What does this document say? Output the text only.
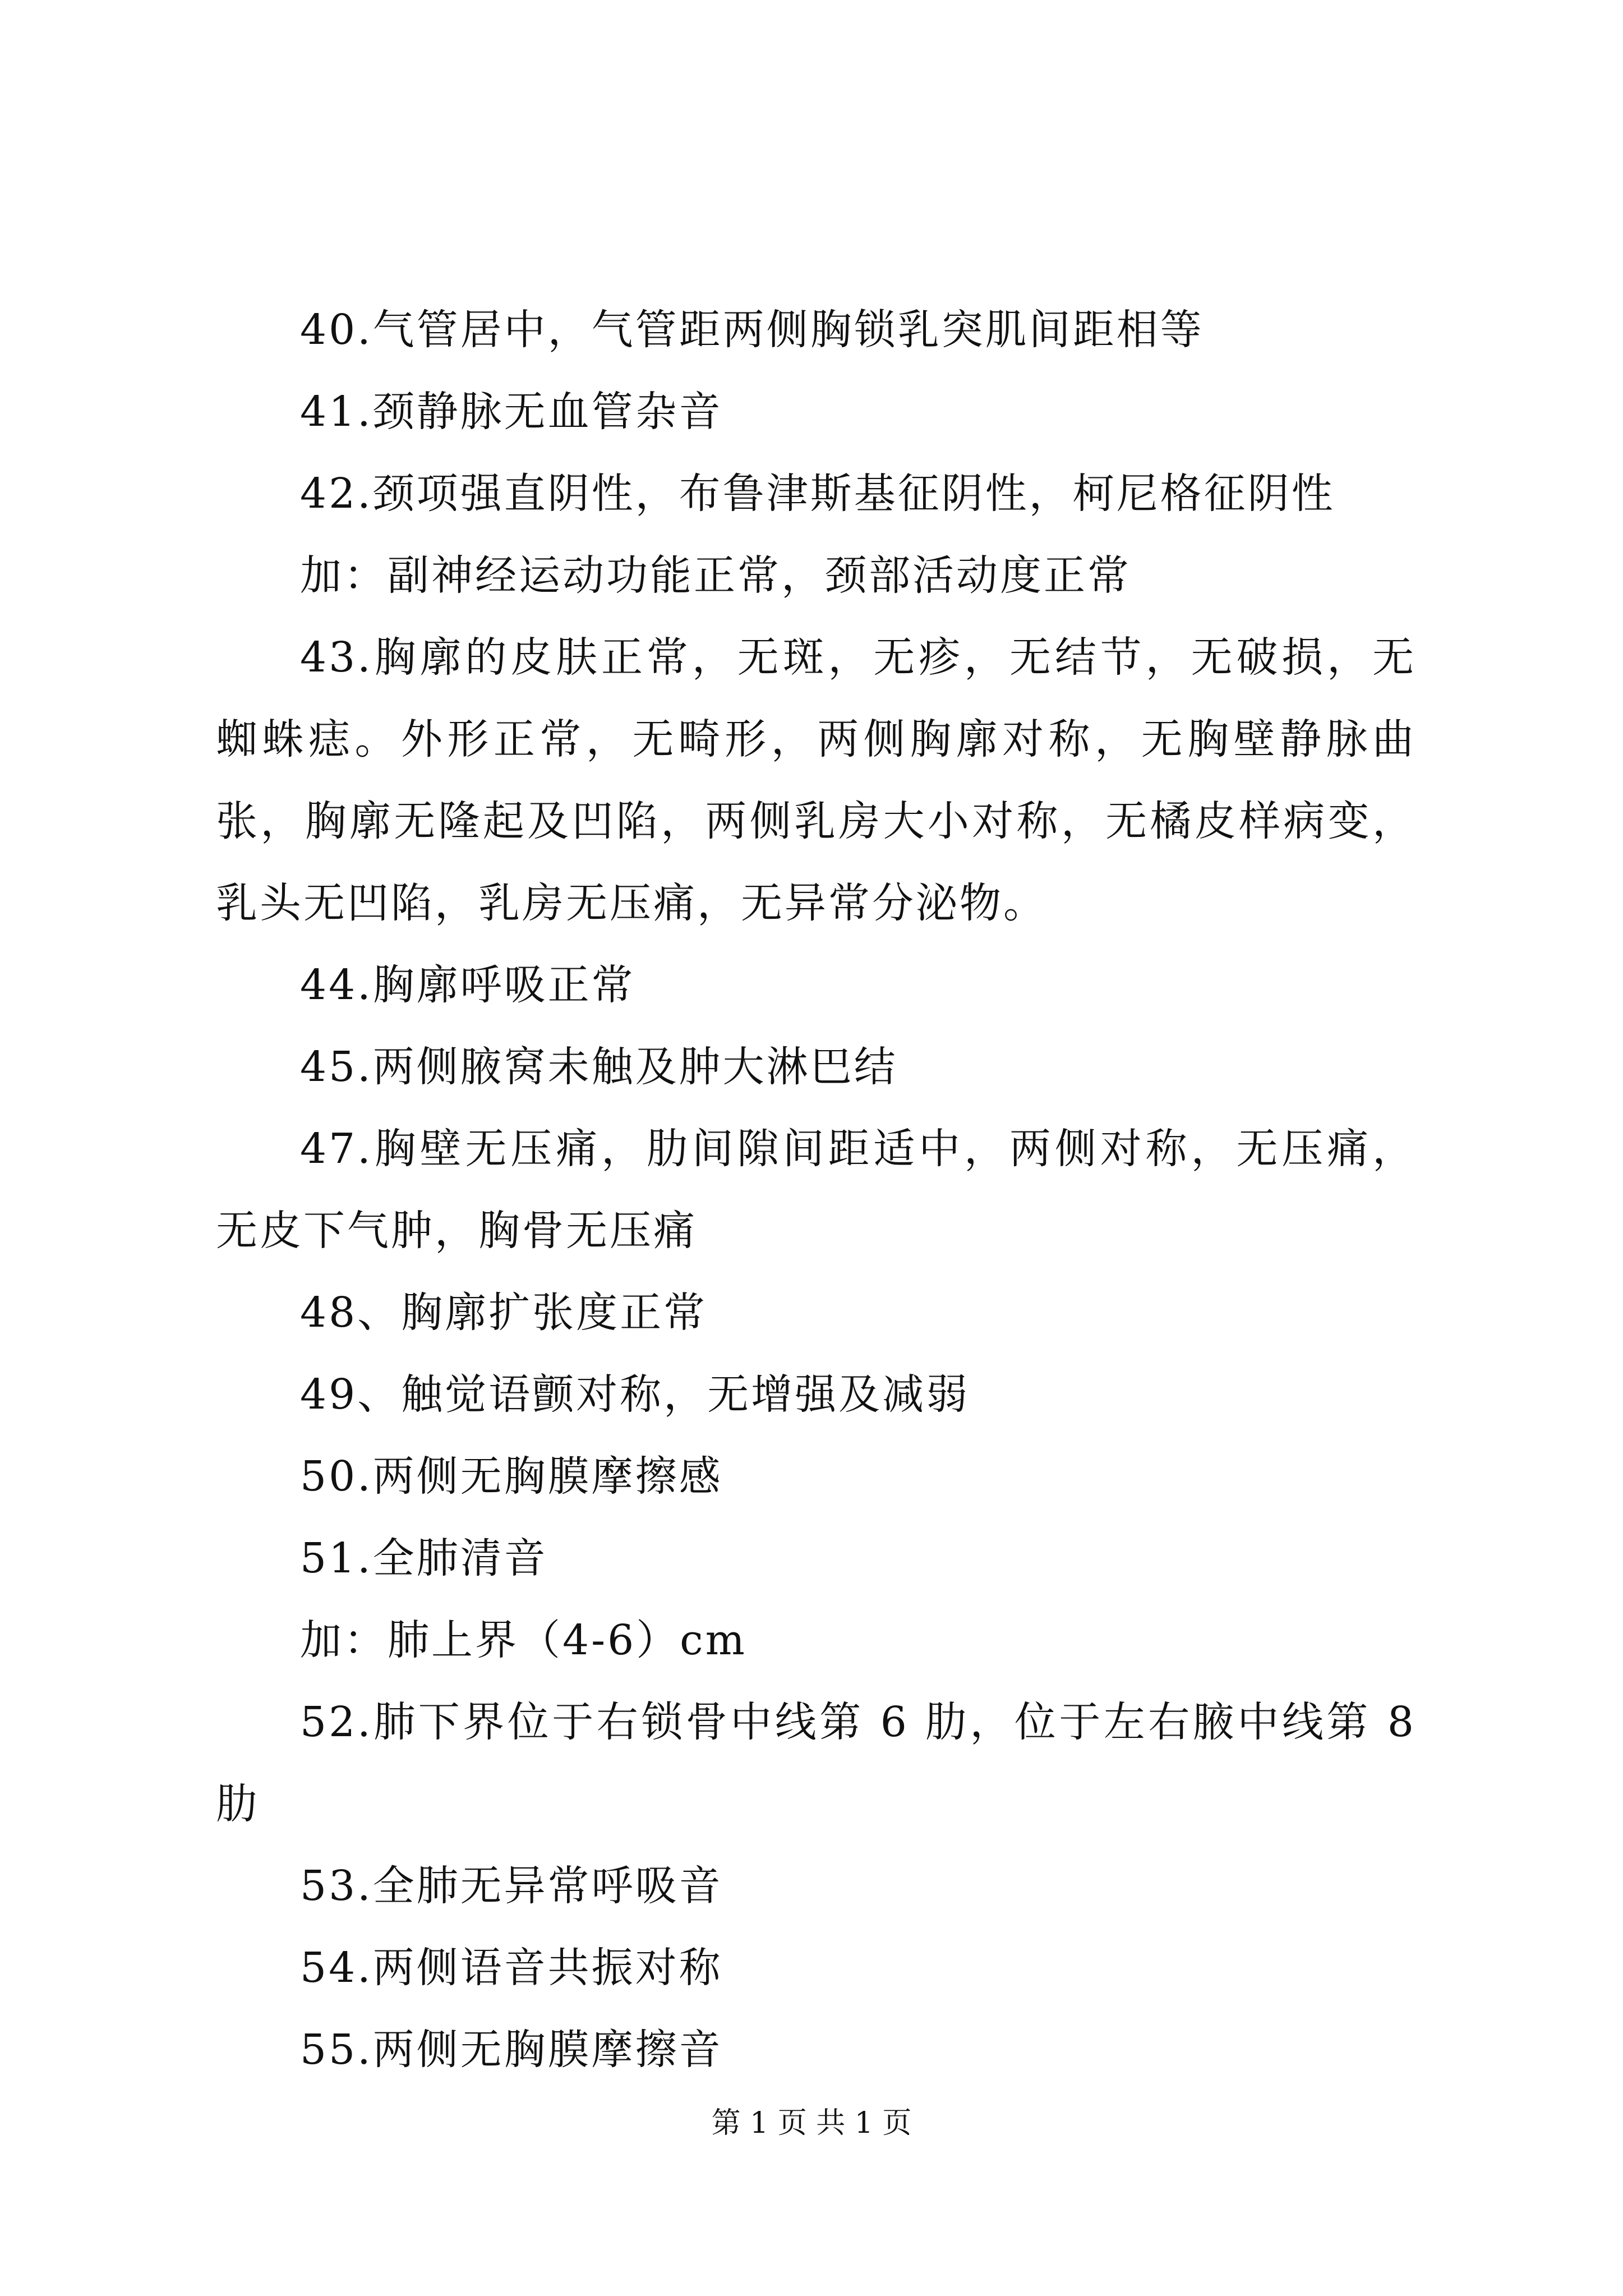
40.气管居中，气管距两侧胸锁乳突肌间距相等

41.颈静脉无血管杂音

42.颈项强直阴性，布鲁津斯基征阴性，柯尼格征阴性

加：副神经运动功能正常，颈部活动度正常

43.胸廓的皮肤正常，无斑，无疹，无结节，无破损，无蜘蛛痣。外形正常，无畸形，两侧胸廓对称，无胸壁静脉曲张，胸廓无隆起及凹陷，两侧乳房大小对称，无橘皮样病变，乳头无凹陷，乳房无压痛，无异常分泌物。

44.胸廓呼吸正常

45.两侧腋窝未触及肿大淋巴结

47.胸壁无压痛，肋间隙间距适中，两侧对称，无压痛，无皮下气肿，胸骨无压痛

48、胸廓扩张度正常

49、触觉语颤对称，无增强及减弱

50.两侧无胸膜摩擦感

51.全肺清音

加：肺上界（4-6）cm

52.肺下界位于右锁骨中线第 6 肋，位于左右腋中线第 8 肋

53.全肺无异常呼吸音

54.两侧语音共振对称

55.两侧无胸膜摩擦音

第 1 页 共 1 页
